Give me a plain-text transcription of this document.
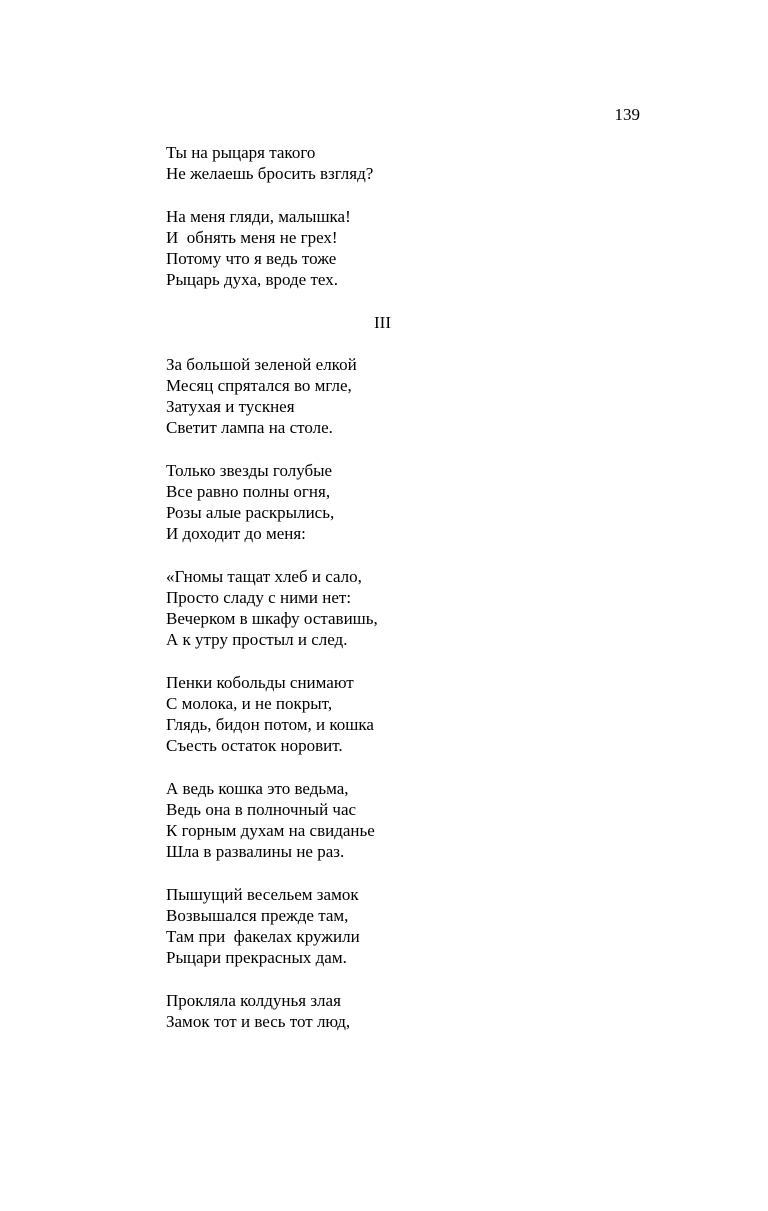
139
Ты на рыцаря такого
Не желаешь бросить взгляд?
На меня гляди, малышка!
И  обнять меня не грех!
Потому что я ведь тоже
Рыцарь духа, вроде тех.
III
За большой зеленой елкой
Месяц спрятался во мгле,
Затухая и тускнея
Светит лампа на столе.
Только звезды голубые
Все равно полны огня,
Розы алые раскрылись,
И доходит до меня:
«Гномы тащат хлеб и сало,
Просто сладу с ними нет:
Вечерком в шкафу оставишь,
А к утру простыл и след.
Пенки кобольды снимают
С молока, и не покрыт,
Глядь, бидон потом, и кошка
Съесть остаток норовит.
А ведь кошка это ведьма,
Ведь она в полночный час
К горным духам на свиданье
Шла в развалины не раз.
Пышущий весельем замок
Возвышался прежде там,
Там при  факелах кружили
Рыцари прекрасных дам.
Прокляла колдунья злая
Замок тот и весь тот люд,
